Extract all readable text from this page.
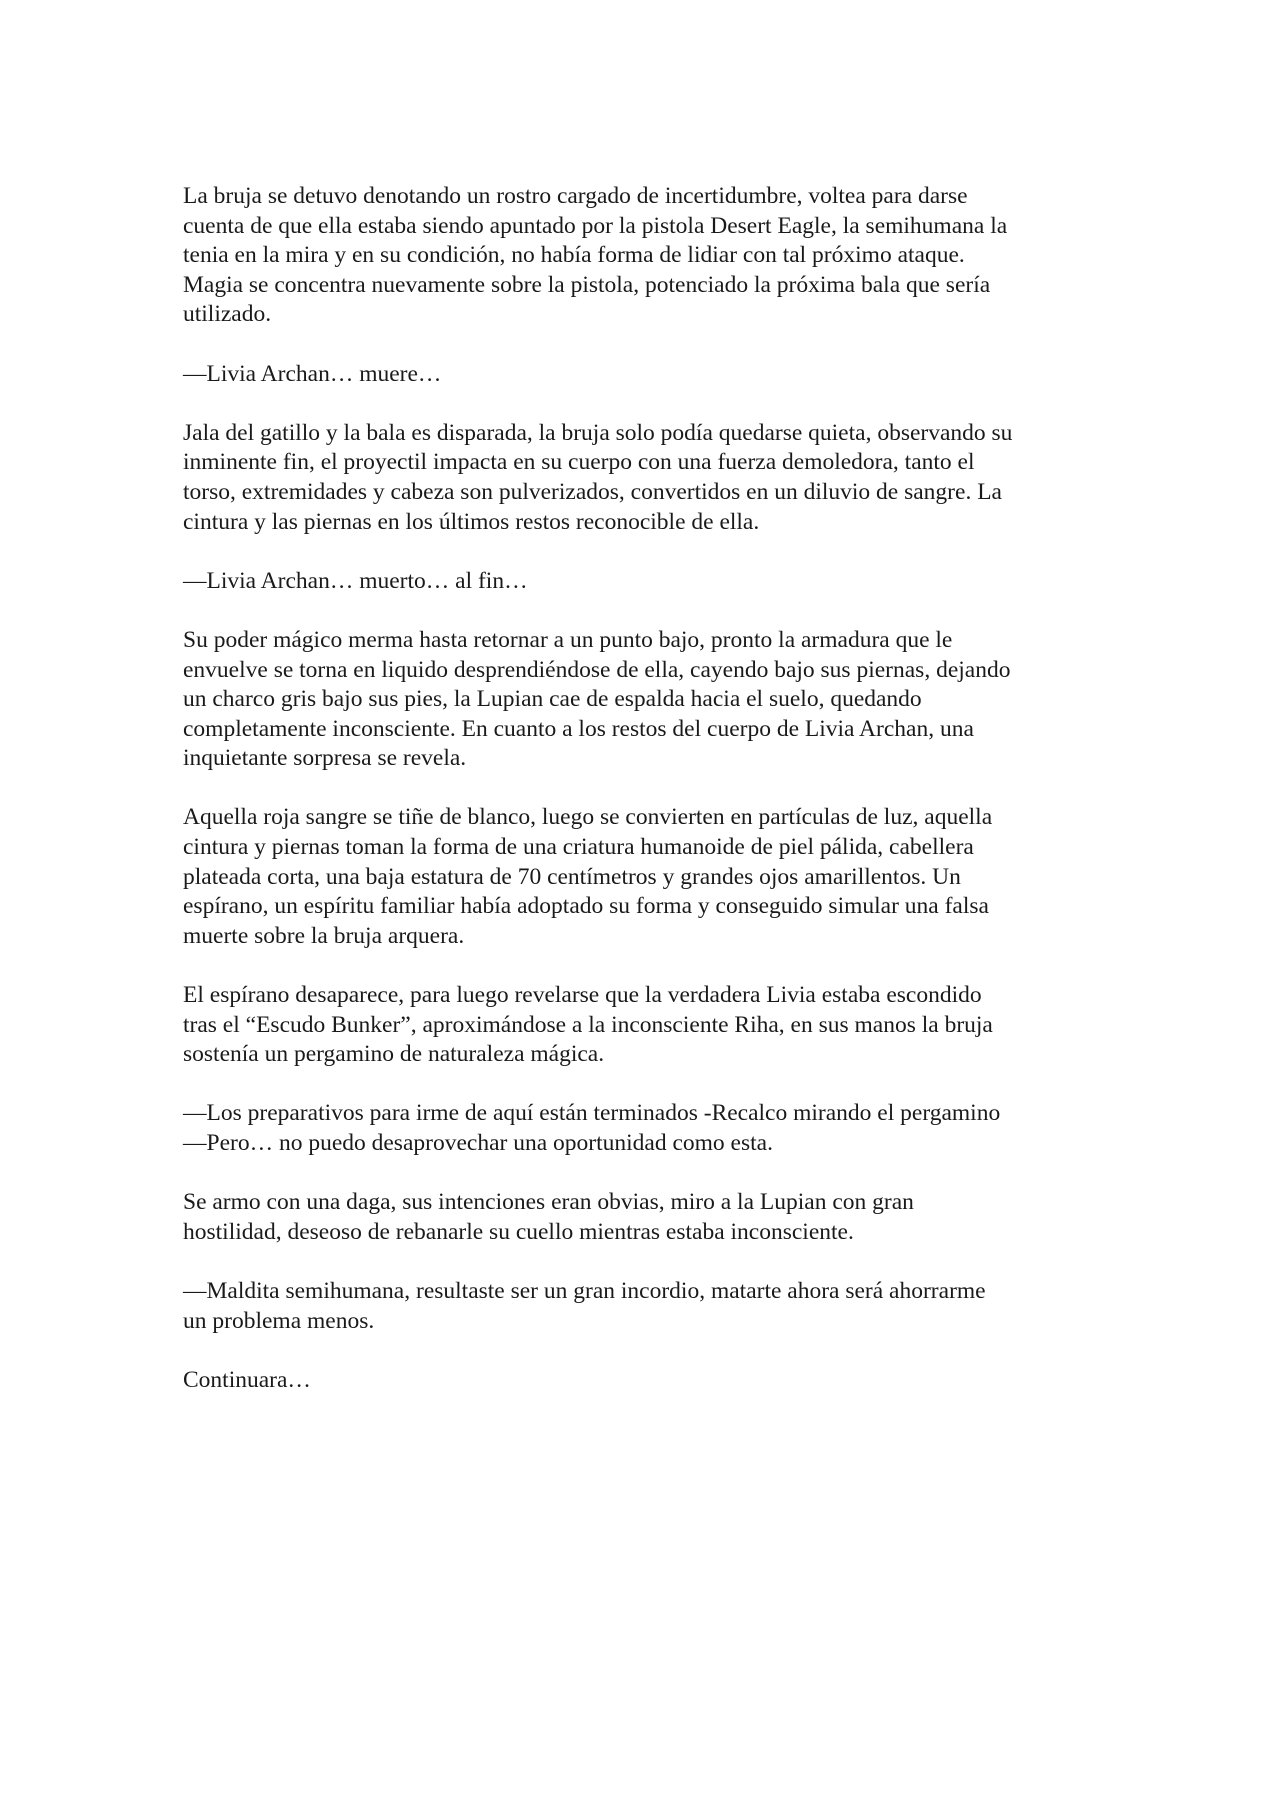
La bruja se detuvo denotando un rostro cargado de incertidumbre, voltea para darse
cuenta de que ella estaba siendo apuntado por la pistola Desert Eagle, la semihumana la
tenia en la mira y en su condición, no había forma de lidiar con tal próximo ataque.
Magia se concentra nuevamente sobre la pistola, potenciado la próxima bala que sería
utilizado.

—Livia Archan… muere…

Jala del gatillo y la bala es disparada, la bruja solo podía quedarse quieta, observando su
inminente fin, el proyectil impacta en su cuerpo con una fuerza demoledora, tanto el
torso, extremidades y cabeza son pulverizados, convertidos en un diluvio de sangre. La
cintura y las piernas en los últimos restos reconocible de ella.

—Livia Archan… muerto… al fin…

Su poder mágico merma hasta retornar a un punto bajo, pronto la armadura que le
envuelve se torna en liquido desprendiéndose de ella, cayendo bajo sus piernas, dejando
un charco gris bajo sus pies, la Lupian cae de espalda hacia el suelo, quedando
completamente inconsciente. En cuanto a los restos del cuerpo de Livia Archan, una
inquietante sorpresa se revela.

Aquella roja sangre se tiñe de blanco, luego se convierten en partículas de luz, aquella
cintura y piernas toman la forma de una criatura humanoide de piel pálida, cabellera
plateada corta, una baja estatura de 70 centímetros y grandes ojos amarillentos. Un
espírano, un espíritu familiar había adoptado su forma y conseguido simular una falsa
muerte sobre la bruja arquera.

El espírano desaparece, para luego revelarse que la verdadera Livia estaba escondido
tras el “Escudo Bunker”, aproximándose a la inconsciente Riha, en sus manos la bruja
sostenía un pergamino de naturaleza mágica.

—Los preparativos para irme de aquí están terminados -Recalco mirando el pergamino
—Pero… no puedo desaprovechar una oportunidad como esta.

Se armo con una daga, sus intenciones eran obvias, miro a la Lupian con gran
hostilidad, deseoso de rebanarle su cuello mientras estaba inconsciente.

—Maldita semihumana, resultaste ser un gran incordio, matarte ahora será ahorrarme
un problema menos.

Continuara…
